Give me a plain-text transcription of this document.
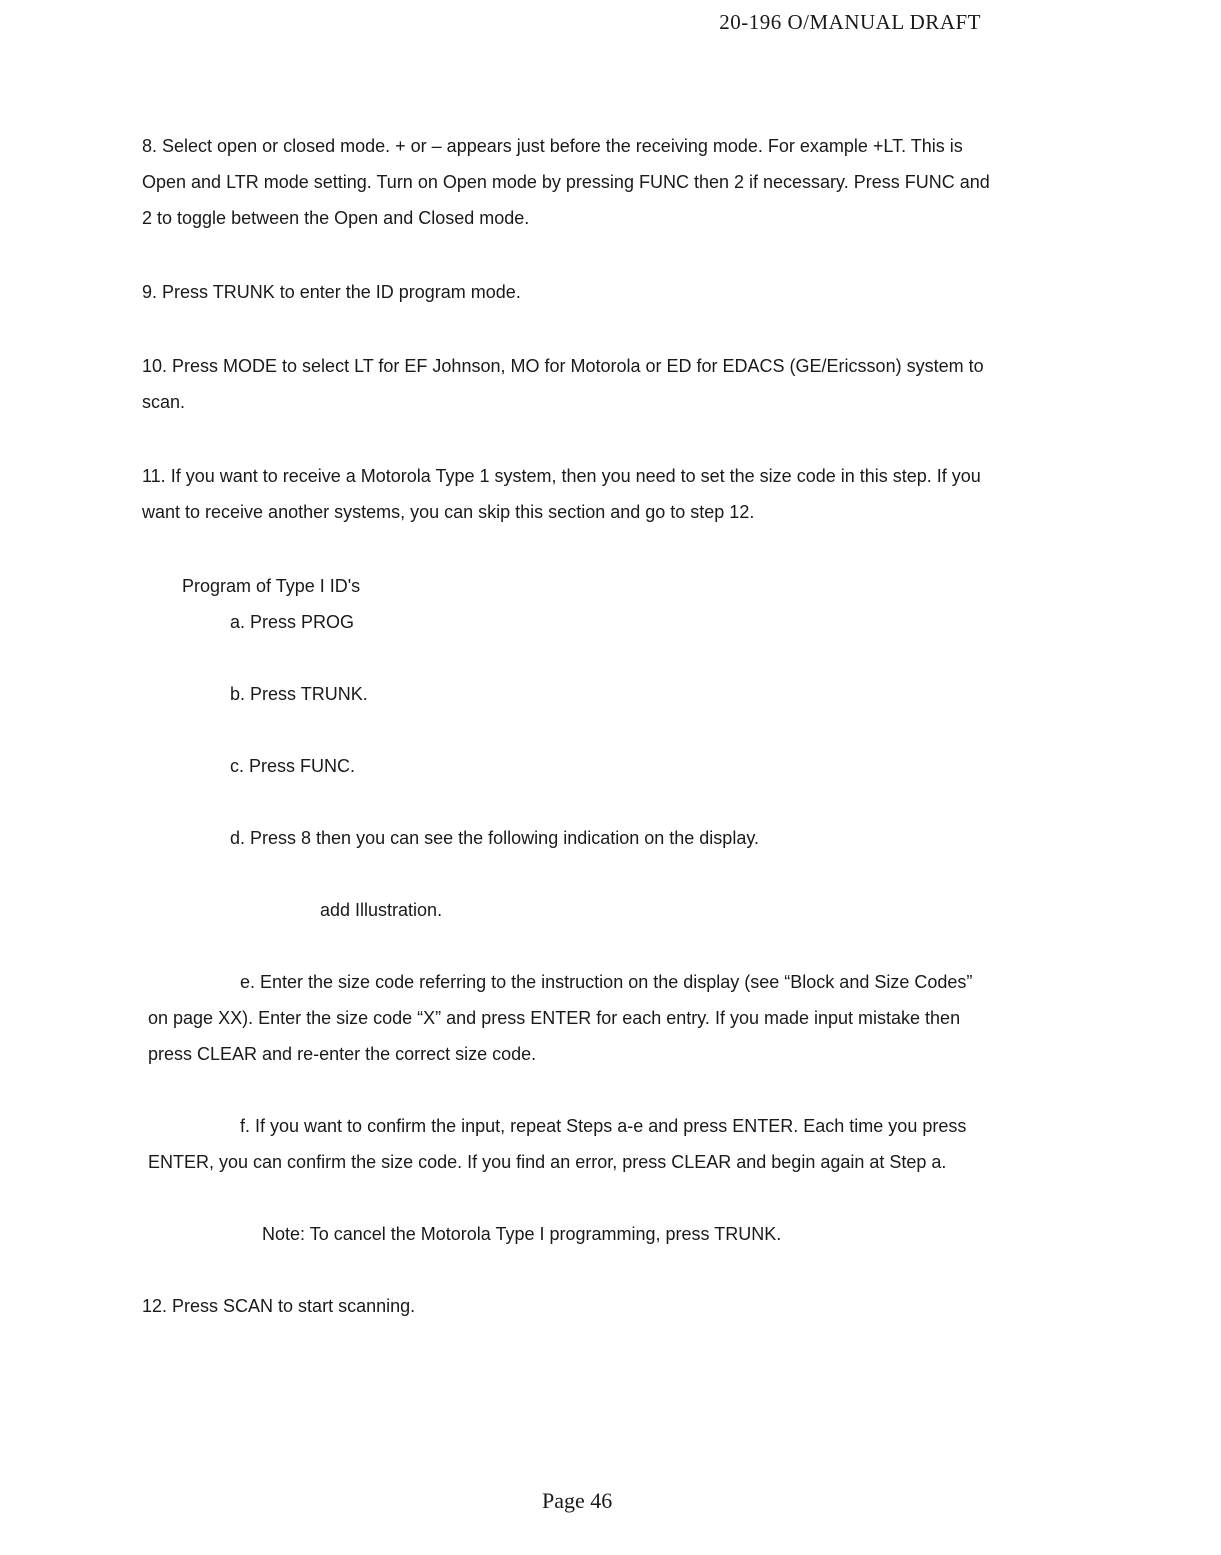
20-196 O/MANUAL DRAFT

8. Select open or closed mode. + or – appears just before the receiving mode. For example +LT. This is Open and LTR mode setting. Turn on Open mode by pressing FUNC then 2 if necessary. Press FUNC and 2 to toggle between the Open and Closed mode.

9. Press TRUNK to enter the ID program mode.

10. Press MODE to select LT for EF Johnson, MO for Motorola or ED for EDACS (GE/Ericsson) system to scan.

11. If you want to receive a Motorola Type 1 system, then you need to set the size code in this step. If you want to receive another systems, you can skip this section and go to step 12.

Program of Type I ID's

a. Press PROG

b. Press TRUNK.

c. Press FUNC.

d. Press 8 then you can see the following indication on the display.

add Illustration.

e. Enter the size code referring to the instruction on the display (see “Block and Size Codes” on page XX). Enter the size code “X” and press ENTER for each entry. If you made input mistake then press CLEAR and re-enter the correct size code.

f. If you want to confirm the input, repeat Steps a-e and press ENTER. Each time you press ENTER, you can confirm the size code. If you find an error, press CLEAR and begin again at Step a.

Note: To cancel the Motorola Type I programming, press TRUNK.

12. Press SCAN to start scanning.

Page 46
